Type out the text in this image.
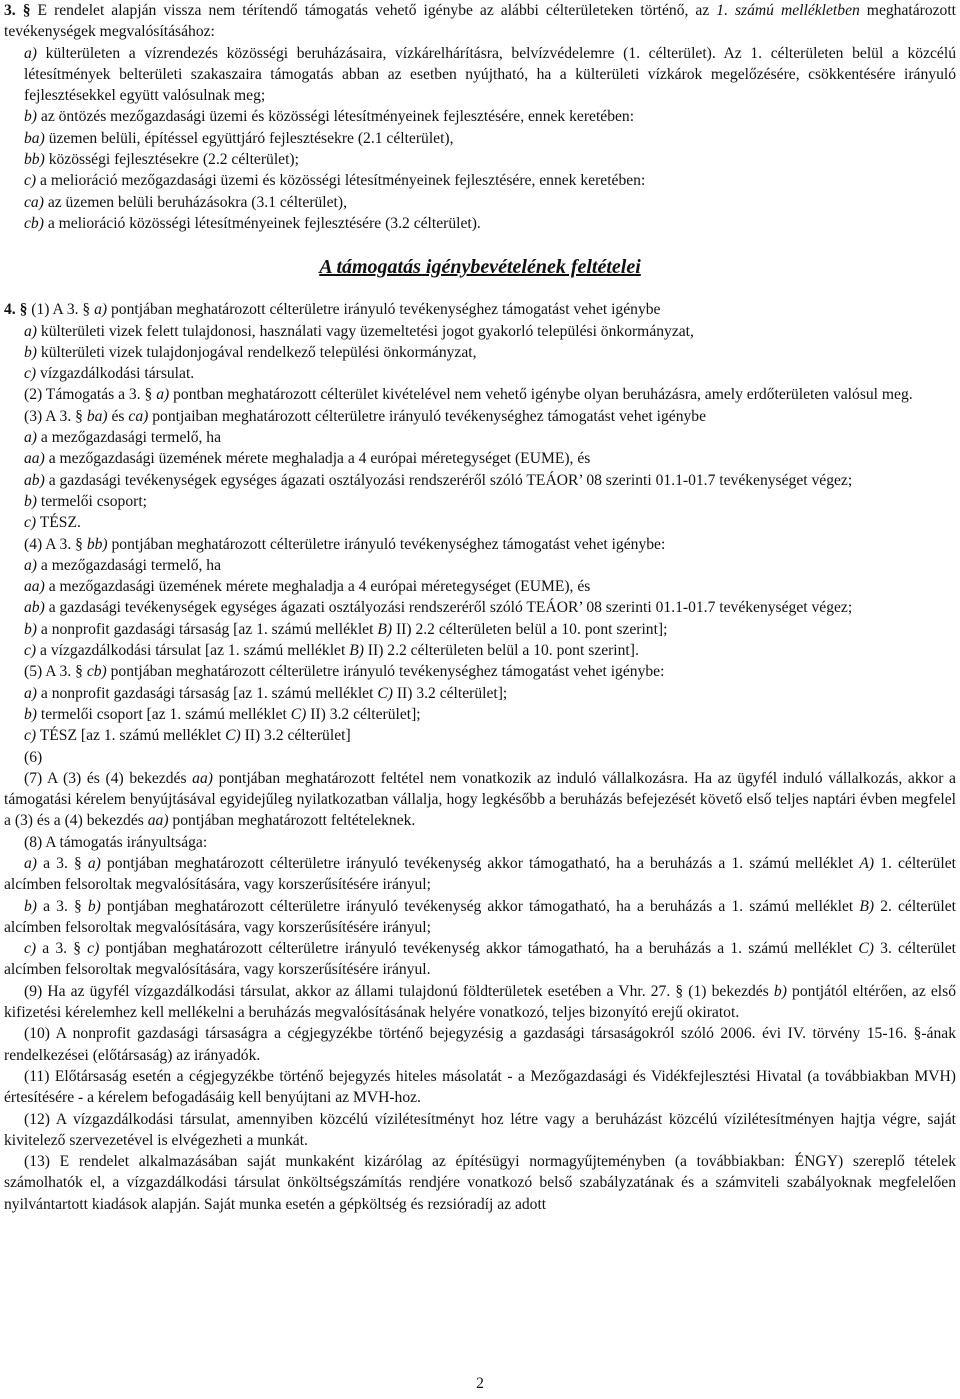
3. § E rendelet alapján vissza nem térítendő támogatás vehető igénybe az alábbi célterületeken történő, az 1. számú mellékletben meghatározott tevékenységek megvalósításához:

a) külterületen a vízrendezés közösségi beruházásaira, vízkárelhárításra, belvízvédelemre (1. célterület). Az 1. célterületen belül a közcélú létesítmények belterületi szakaszaira támogatás abban az esetben nyújtható, ha a külterületi vízkárok megelőzésére, csökkentésére irányuló fejlesztésekkel együtt valósulnak meg;

b) az öntözés mezőgazdasági üzemi és közösségi létesítményeinek fejlesztésére, ennek keretében:

ba) üzemen belüli, építéssel együttjáró fejlesztésekre (2.1 célterület),

bb) közösségi fejlesztésekre (2.2 célterület);

c) a melioráció mezőgazdasági üzemi és közösségi létesítményeinek fejlesztésére, ennek keretében:

ca) az üzemen belüli beruházásokra (3.1 célterület),

cb) a melioráció közösségi létesítményeinek fejlesztésére (3.2 célterület).

A támogatás igénybevételének feltételei

4. § (1) A 3. § a) pontjában meghatározott célterületre irányuló tevékenységhez támogatást vehet igénybe

a) külterületi vizek felett tulajdonosi, használati vagy üzemeltetési jogot gyakorló települési önkormányzat,

b) külterületi vizek tulajdonjogával rendelkező települési önkormányzat,

c) vízgazdálkodási társulat.

(2) Támogatás a 3. § a) pontban meghatározott célterület kivételével nem vehető igénybe olyan beruházásra, amely erdőterületen valósul meg.

(3) A 3. § ba) és ca) pontjaiban meghatározott célterületre irányuló tevékenységhez támogatást vehet igénybe

a) a mezőgazdasági termelő, ha

aa) a mezőgazdasági üzemének mérete meghaladja a 4 európai méretegységet (EUME), és

ab) a gazdasági tevékenységek egységes ágazati osztályozási rendszeréről szóló TEÁOR’ 08 szerinti 01.1-01.7 tevékenységet végez;

b) termelői csoport;

c) TÉSZ.

(4) A 3. § bb) pontjában meghatározott célterületre irányuló tevékenységhez támogatást vehet igénybe:

a) a mezőgazdasági termelő, ha

aa) a mezőgazdasági üzemének mérete meghaladja a 4 európai méretegységet (EUME), és

ab) a gazdasági tevékenységek egységes ágazati osztályozási rendszeréről szóló TEÁOR’ 08 szerinti 01.1-01.7 tevékenységet végez;

b) a nonprofit gazdasági társaság [az 1. számú melléklet B) II) 2.2 célterületen belül a 10. pont szerint];

c) a vízgazdálkodási társulat [az 1. számú melléklet B) II) 2.2 célterületen belül a 10. pont szerint].

(5) A 3. § cb) pontjában meghatározott célterületre irányuló tevékenységhez támogatást vehet igénybe:

a) a nonprofit gazdasági társaság [az 1. számú melléklet C) II) 3.2 célterület];

b) termelői csoport [az 1. számú melléklet C) II) 3.2 célterület];

c) TÉSZ [az 1. számú melléklet C) II) 3.2 célterület]

(6)

(7) A (3) és (4) bekezdés aa) pontjában meghatározott feltétel nem vonatkozik az induló vállalkozásra. Ha az ügyfél induló vállalkozás, akkor a támogatási kérelem benyújtásával egyidejűleg nyilatkozatban vállalja, hogy legkésőbb a beruházás befejezését követő első teljes naptári évben megfelel a (3) és a (4) bekezdés aa) pontjában meghatározott feltételeknek.

(8) A támogatás irányultsága:

a) a 3. § a) pontjában meghatározott célterületre irányuló tevékenység akkor támogatható, ha a beruházás a 1. számú melléklet A) 1. célterület alcímben felsoroltak megvalósítására, vagy korszerűsítésére irányul;

b) a 3. § b) pontjában meghatározott célterületre irányuló tevékenység akkor támogatható, ha a beruházás a 1. számú melléklet B) 2. célterület alcímben felsoroltak megvalósítására, vagy korszerűsítésére irányul;

c) a 3. § c) pontjában meghatározott célterületre irányuló tevékenység akkor támogatható, ha a beruházás a 1. számú melléklet C) 3. célterület alcímben felsoroltak megvalósítására, vagy korszerűsítésére irányul.

(9) Ha az ügyfél vízgazdálkodási társulat, akkor az állami tulajdonú földterületek esetében a Vhr. 27. § (1) bekezdés b) pontjától eltérően, az első kifizetési kérelemhez kell mellékelni a beruházás megvalósításának helyére vonatkozó, teljes bizonyító erejű okiratot.

(10) A nonprofit gazdasági társaságra a cégjegyzékbe történő bejegyzésig a gazdasági társaságokról szóló 2006. évi IV. törvény 15-16. §-ának rendelkezései (előtársaság) az irányadók.

(11) Előtársaság esetén a cégjegyzékbe történő bejegyzés hiteles másolatát - a Mezőgazdasági és Vidékfejlesztési Hivatal (a továbbiakban MVH) értesítésére - a kérelem befogadásáig kell benyújtani az MVH-hoz.

(12) A vízgazdálkodási társulat, amennyiben közcélú vízilétesítményt hoz létre vagy a beruházást közcélú vízilétesítményen hajtja végre, saját kivitelező szervezetével is elvégezheti a munkát.

(13) E rendelet alkalmazásában saját munkaként kizárólag az építésügyi normagyűjteményben (a továbbiakban: ÉNGY) szereplő tételek számolhatók el, a vízgazdálkodási társulat önköltségszámítás rendjére vonatkozó belső szabályzatának és a számviteli szabályoknak megfelelően nyilvántartott kiadások alapján. Saját munka esetén a gépköltség és rezsióradíj az adott

2
